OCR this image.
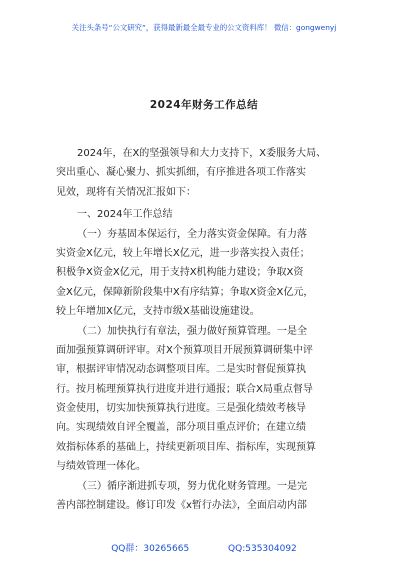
关注头条号“公文研究”，获得最新最全最专业的公文资料库！ 微信：gongwenyj
2024年财务工作总结
2024年，在X的坚强领导和大力支持下，X委服务大局、
突出重心、凝心聚力、抓实抓细，有序推进各项工作落实
见效，现将有关情况汇报如下：
一、2024年工作总结
（一）夯基固本保运行，全力落实资金保障。有力落
实资金X亿元，较上年增长X亿元，进一步落实投入责任；
积极争X资金X亿元，用于支持X机构能力建设；争取X资
金X亿元，保障新阶段集中X有序结算；争取X资金X亿元，
较上年增加X亿元，支持市级X基础设施建设。
（二）加快执行有章法，强力做好预算管理。一是全
面加强预算调研评审。对X个预算项目开展预算调研集中评
审，根据评审情况动态调整项目库。二是实时督促预算执
行。按月梳理预算执行进度并进行通报；联合X局重点督导
资金使用，切实加快预算执行进度。三是强化绩效考核导
向。实现绩效自评全覆盖，部分项目重点评价；在建立绩
效指标体系的基础上，持续更新项目库、指标库，实现预算
与绩效管理一体化。
（三）循序渐进抓专项，努力优化财务管理。一是完
善内部控制建设。修订印发《x暂行办法》，全面启动内部
QQ群：30265665	QQ:535304092
